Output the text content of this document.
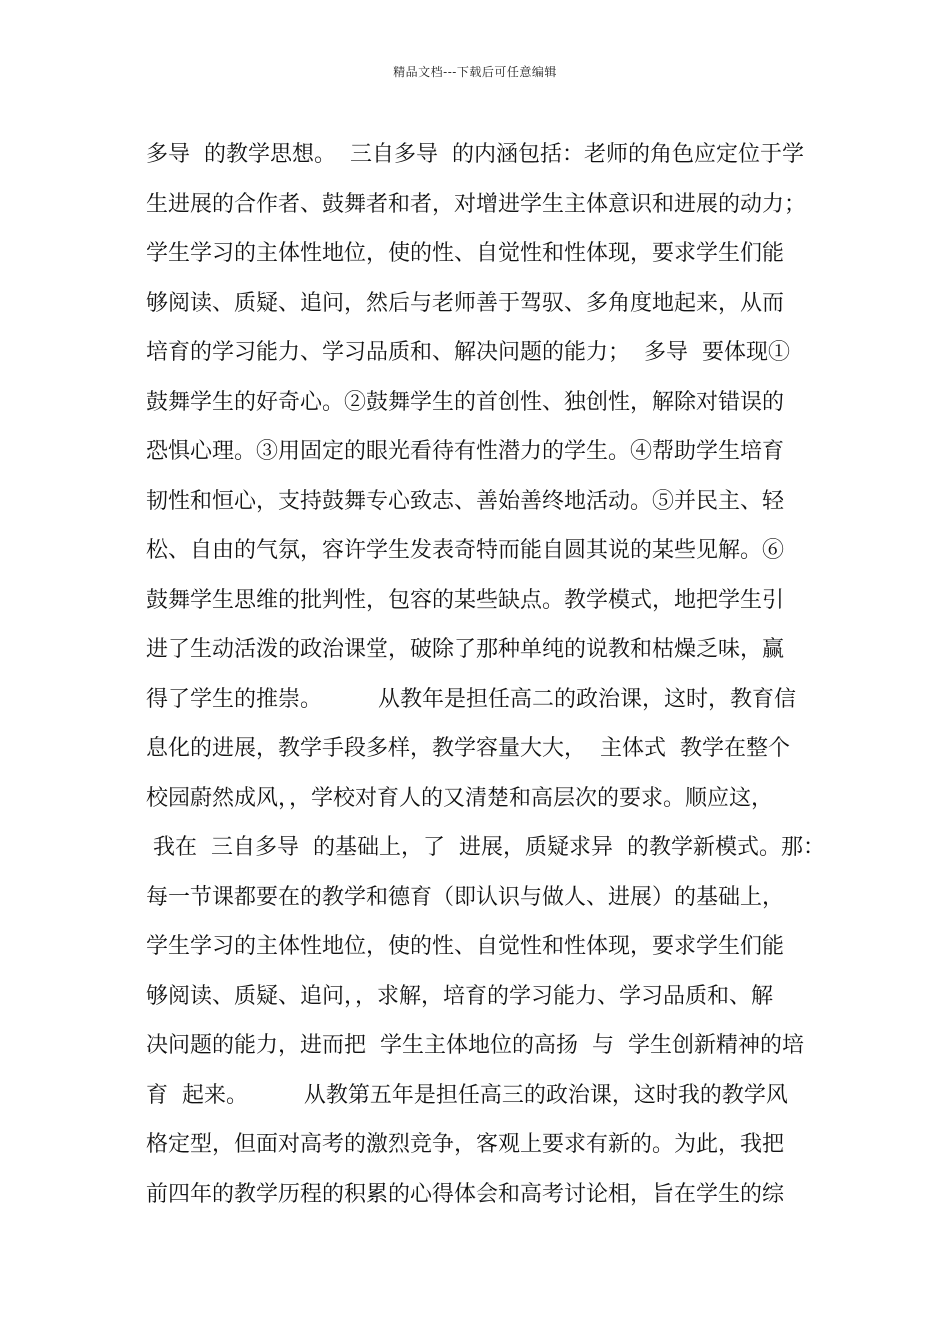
精品文档---下载后可任意编辑
多导  的教学思想。  三自多导  的内涵包括：老师的角色应定位于学
生进展的合作者、鼓舞者和者，对增进学生主体意识和进展的动力；
学生学习的主体性地位，使的性、自觉性和性体现，要求学生们能
够阅读、质疑、追问，然后与老师善于驾驭、多角度地起来，从而
培育的学习能力、学习品质和、解决问题的能力；  多导  要体现①
鼓舞学生的好奇心。②鼓舞学生的首创性、独创性，解除对错误的
恐惧心理。③用固定的眼光看待有性潜力的学生。④帮助学生培育
韧性和恒心，支持鼓舞专心致志、善始善终地活动。⑤并民主、轻
松、自由的气氛，容许学生发表奇特而能自圆其说的某些见解。⑥
鼓舞学生思维的批判性，包容的某些缺点。教学模式，地把学生引
进了生动活泼的政治课堂，破除了那种单纯的说教和枯燥乏味，赢
得了学生的推崇。        从教年是担任高二的政治课，这时，教育信
息化的进展，教学手段多样，教学容量大大，  主体式  教学在整个
校园蔚然成风，，学校对育人的又清楚和高层次的要求。顺应这，
我在  三自多导  的基础上，了  进展，质疑求异  的教学新模式。那：
每一节课都要在的教学和德育（即认识与做人、进展）的基础上，
学生学习的主体性地位，使的性、自觉性和性体现，要求学生们能
够阅读、质疑、追问，，求解，培育的学习能力、学习品质和、解
决问题的能力，进而把  学生主体地位的高扬  与  学生创新精神的培
育  起来。        从教第五年是担任高三的政治课，这时我的教学风
格定型，但面对高考的激烈竞争，客观上要求有新的。为此，我把
前四年的教学历程的积累的心得体会和高考讨论相，旨在学生的综
